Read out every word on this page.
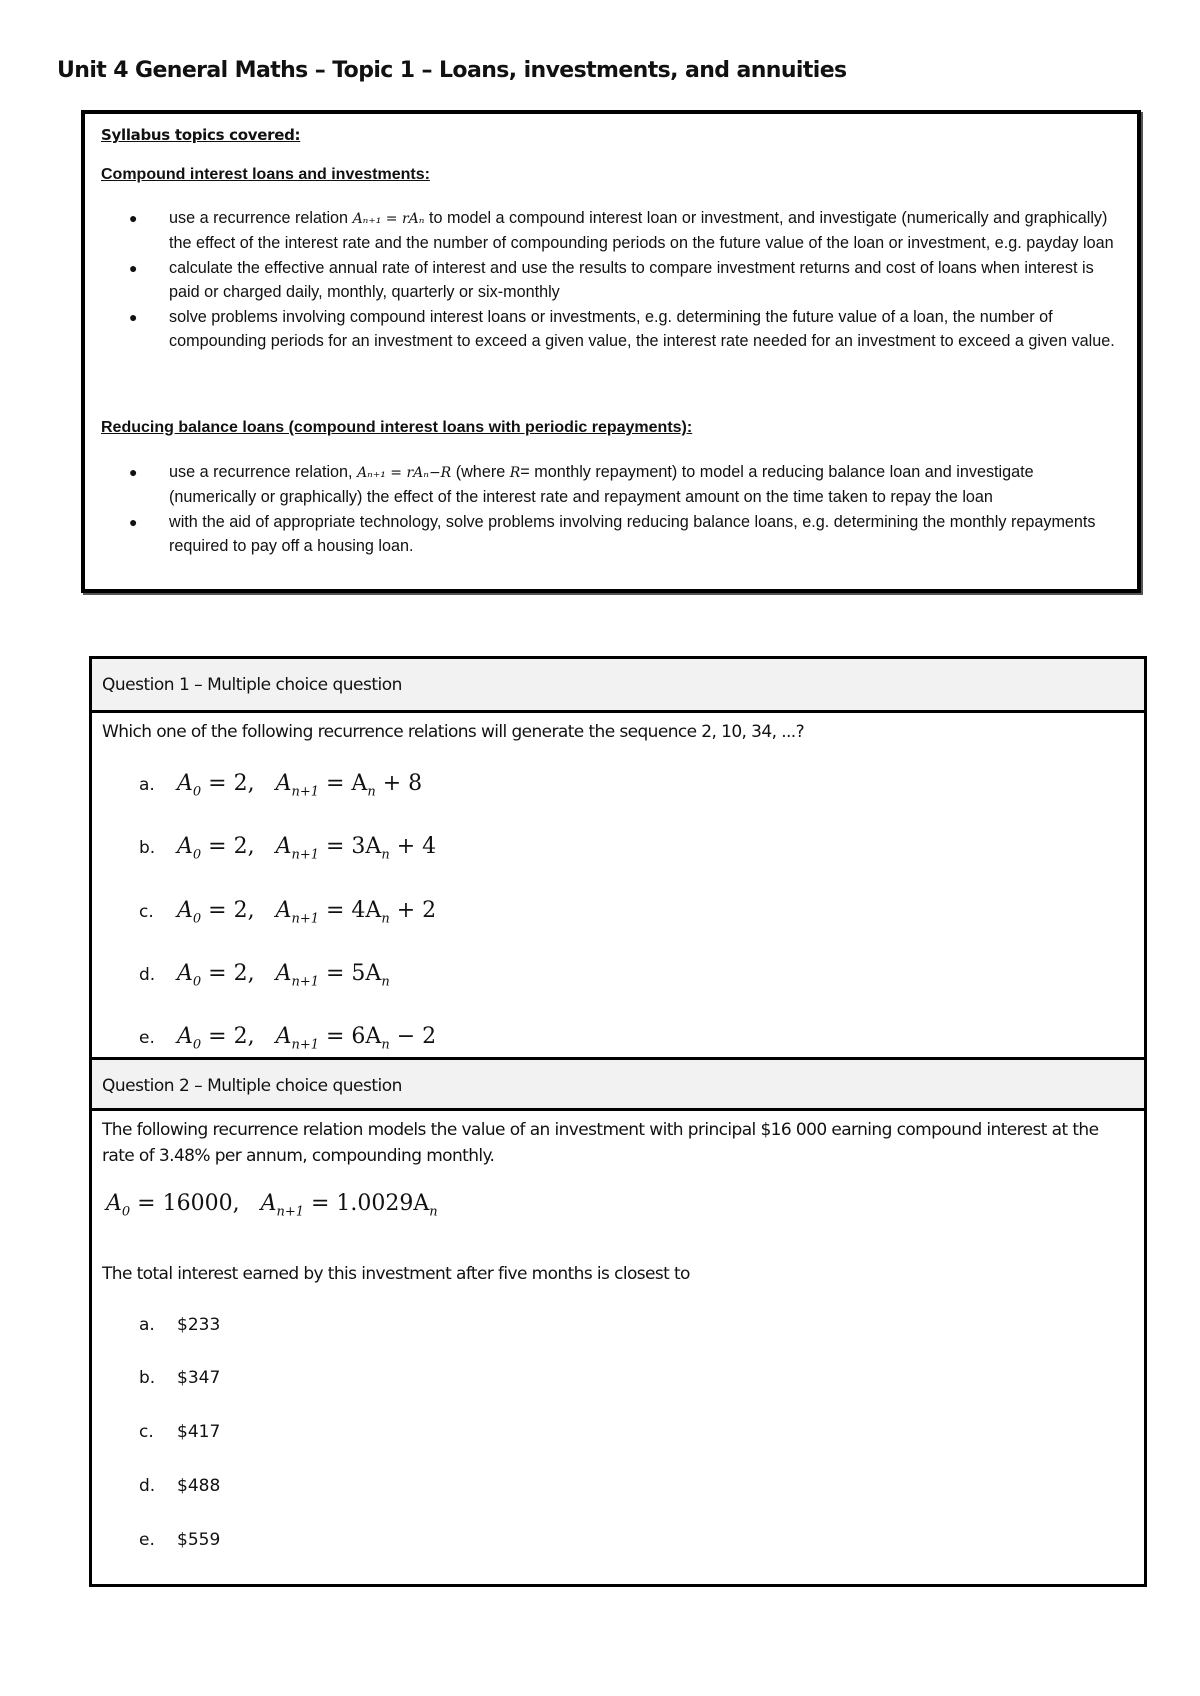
Unit 4 General Maths – Topic 1 – Loans, investments, and annuities
Syllabus topics covered:
Compound interest loans and investments:
● use a recurrence relation Aₙ₊₁ = rAₙ to model a compound interest loan or investment, and investigate (numerically and graphically) the effect of the interest rate and the number of compounding periods on the future value of the loan or investment, e.g. payday loan
● calculate the effective annual rate of interest and use the results to compare investment returns and cost of loans when interest is paid or charged daily, monthly, quarterly or six-monthly
● solve problems involving compound interest loans or investments, e.g. determining the future value of a loan, the number of compounding periods for an investment to exceed a given value, the interest rate needed for an investment to exceed a given value.
Reducing balance loans (compound interest loans with periodic repayments):
● use a recurrence relation, Aₙ₊₁ = rAₙ−R (where R= monthly repayment) to model a reducing balance loan and investigate (numerically or graphically) the effect of the interest rate and repayment amount on the time taken to repay the loan
● with the aid of appropriate technology, solve problems involving reducing balance loans, e.g. determining the monthly repayments required to pay off a housing loan.
Question 1 – Multiple choice question
Which one of the following recurrence relations will generate the sequence 2, 10, 34, ...?
a.	$A_0 = 2$, $A_{n+1} = A_n + 8$
b. $A_0 = 2$, $A_{n+1} = 3A_n + 4$
c.	$A_0 = 2$, $A_{n+1} = 4A_n + 2$
d. $A_0 = 2$, $A_{n+1} = 5A_n$
e.	$A_0 = 2$, $A_{n+1} = 6A_n - 2$
Question 2 – Multiple choice question
The following recurrence relation models the value of an investment with principal $16 000 earning compound interest at the rate of 3.48% per annum, compounding monthly.
$A_0 = 16000$, $A_{n+1} = 1.0029A_n$
The total interest earned by this investment after five months is closest to
a.	$233
b.	$347
c.	$417
d.	$488
e.	$559
